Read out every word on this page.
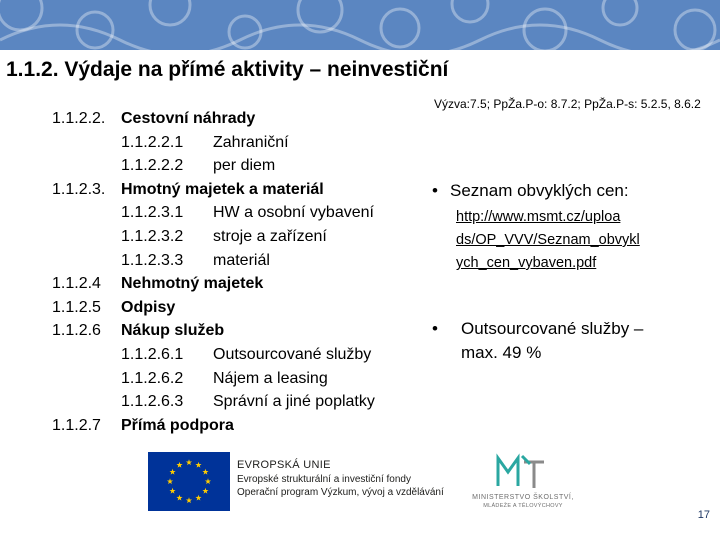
1.1.2. Výdaje na přímé aktivity – neinvestiční
1.1.2.2. Cestovní náhrady
1.1.2.2.1 Zahraniční
1.1.2.2.2 per diem
1.1.2.3. Hmotný majetek a materiál
1.1.2.3.1 HW a osobní vybavení
1.1.2.3.2 stroje a zařízení
1.1.2.3.3 materiál
1.1.2.4 Nehmotný majetek
1.1.2.5 Odpisy
1.1.2.6 Nákup služeb
1.1.2.6.1 Outsourcované služby
1.1.2.6.2 Nájem a leasing
1.1.2.6.3 Správní a jiné poplatky
1.1.2.7 Přímá podpora
Výzva:7.5; PpŽa.P-o: 8.7.2; PpŽa.P-s: 5.2.5, 8.6.2
• Seznam obvyklých cen:
http://www.msmt.cz/uploa
ds/OP_VVV/Seznam_obvykl
ych_cen_vybaven.pdf
•	Outsourcované služby –
max. 49 %
EVROPSKÁ UNIE
Evropské strukturální a investiční fondy
Operační program Výzkum, vývoj a vzdělávání	MINISTERSTVO ŠKOLSTVÍ,
MLÁDEŽE A TĚLOVÝCHOVY
17
